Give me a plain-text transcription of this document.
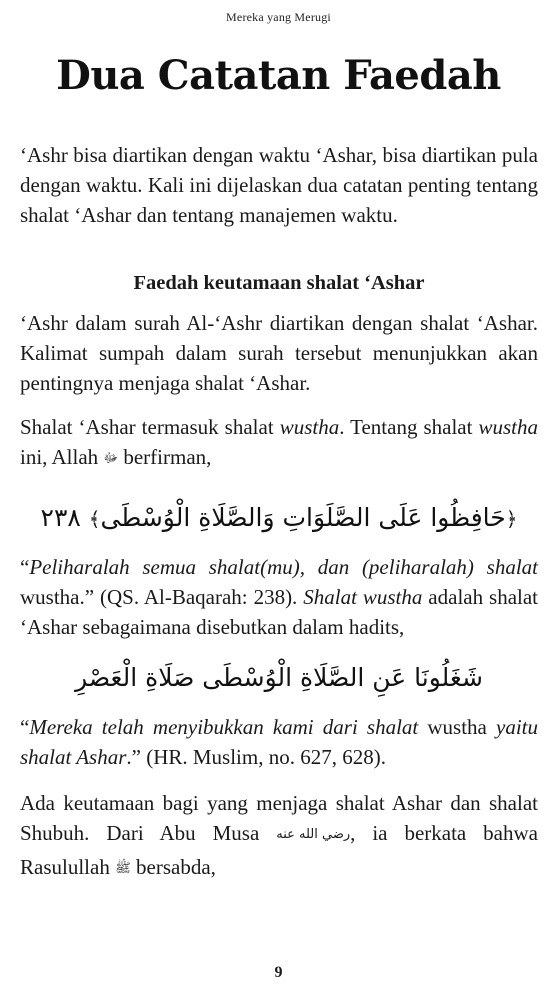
Mereka yang Merugi
Dua Catatan Faedah

‘Ashr bisa diartikan dengan waktu ‘Ashar, bisa diartikan pula dengan waktu. Kali ini dijelaskan dua catatan penting tentang shalat ‘Ashar dan tentang manajemen waktu.

Faedah keutamaan shalat ‘Ashar

‘Ashr dalam surah Al-‘Ashr diartikan dengan shalat ‘Ashar. Kalimat sumpah dalam surah tersebut menunjukkan akan pentingnya menjaga shalat ‘Ashar.

Shalat ‘Ashar termasuk shalat wustha. Tentang shalat wustha ini, Allah ﷻ berfirman,

﴿حَافِظُوا عَلَى الصَّلَوَاتِ وَالصَّلَاةِ الْوُسْطَى﴾ ٢٣٨

“Peliharalah semua shalat(mu), dan (peliharalah) shalat wustha.” (QS. Al-Baqarah: 238). Shalat wustha adalah shalat ‘Ashar sebagaimana disebutkan dalam hadits,

شَغَلُونَا عَنِ الصَّلَاةِ الْوُسْطَى صَلَاةِ الْعَصْرِ

“Mereka telah menyibukkan kami dari shalat wustha yaitu shalat Ashar.” (HR. Muslim, no. 627, 628).

Ada keutamaan bagi yang menjaga shalat Ashar dan shalat Shubuh. Dari Abu Musa رضي الله عنه, ia berkata bahwa Rasulullah ﷺ bersabda,

9
